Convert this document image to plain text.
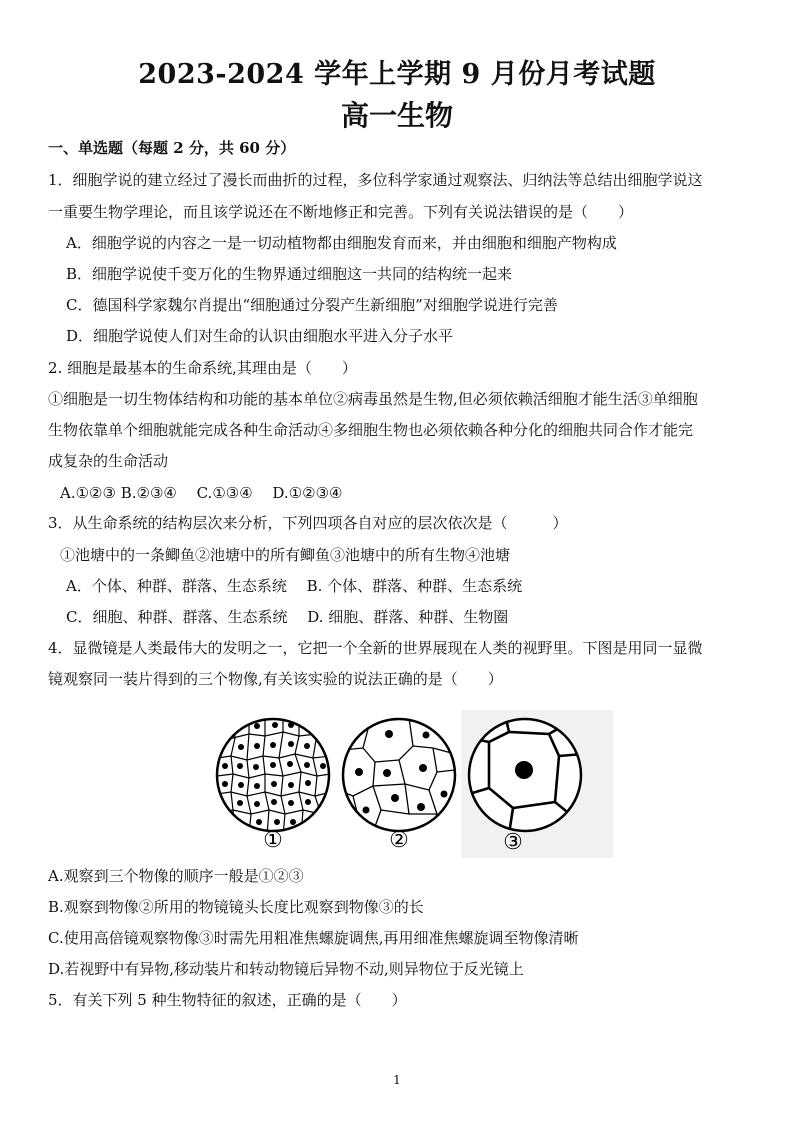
2023-2024 学年上学期 9 月份月考试题
高一生物
一、单选题（每题 2 分，共 60 分）
1．细胞学说的建立经过了漫长而曲折的过程，多位科学家通过观察法、归纳法等总结出细胞学说这
一重要生物学理论，而且该学说还在不断地修正和完善。下列有关说法错误的是（　　）
A．细胞学说的内容之一是一切动植物都由细胞发育而来，并由细胞和细胞产物构成
B．细胞学说使千变万化的生物界通过细胞这一共同的结构统一起来
C．德国科学家魏尔肖提出“细胞通过分裂产生新细胞”对细胞学说进行完善
D．细胞学说使人们对生命的认识由细胞水平进入分子水平
2. 细胞是最基本的生命系统,其理由是（　　）
①细胞是一切生物体结构和功能的基本单位②病毒虽然是生物,但必须依赖活细胞才能生活③单细胞
生物依靠单个细胞就能完成各种生命活动④多细胞生物也必须依赖各种分化的细胞共同合作才能完
成复杂的生命活动
A.①②③ B.②③④　 C.①③④　 D.①②③④
3．从生命系统的结构层次来分析，下列四项各自对应的层次依次是（　　　）
①池塘中的一条鲫鱼②池塘中的所有鲫鱼③池塘中的所有生物④池塘
A．个体、种群、群落、生态系统　 B. 个体、群落、种群、生态系统
C．细胞、种群、群落、生态系统　 D. 细胞、群落、种群、生物圈
4．显微镜是人类最伟大的发明之一，它把一个全新的世界展现在人类的视野里。下图是用同一显微
镜观察同一装片得到的三个物像,有关该实验的说法正确的是（　　）
①	②	③
A.观察到三个物像的顺序一般是①②③
B.观察到物像②所用的物镜镜头长度比观察到物像③的长
C.使用高倍镜观察物像③时需先用粗准焦螺旋调焦,再用细准焦螺旋调至物像清晰
D.若视野中有异物,移动装片和转动物镜后异物不动,则异物位于反光镜上
5．有关下列 5 种生物特征的叙述，正确的是（　　）
1
